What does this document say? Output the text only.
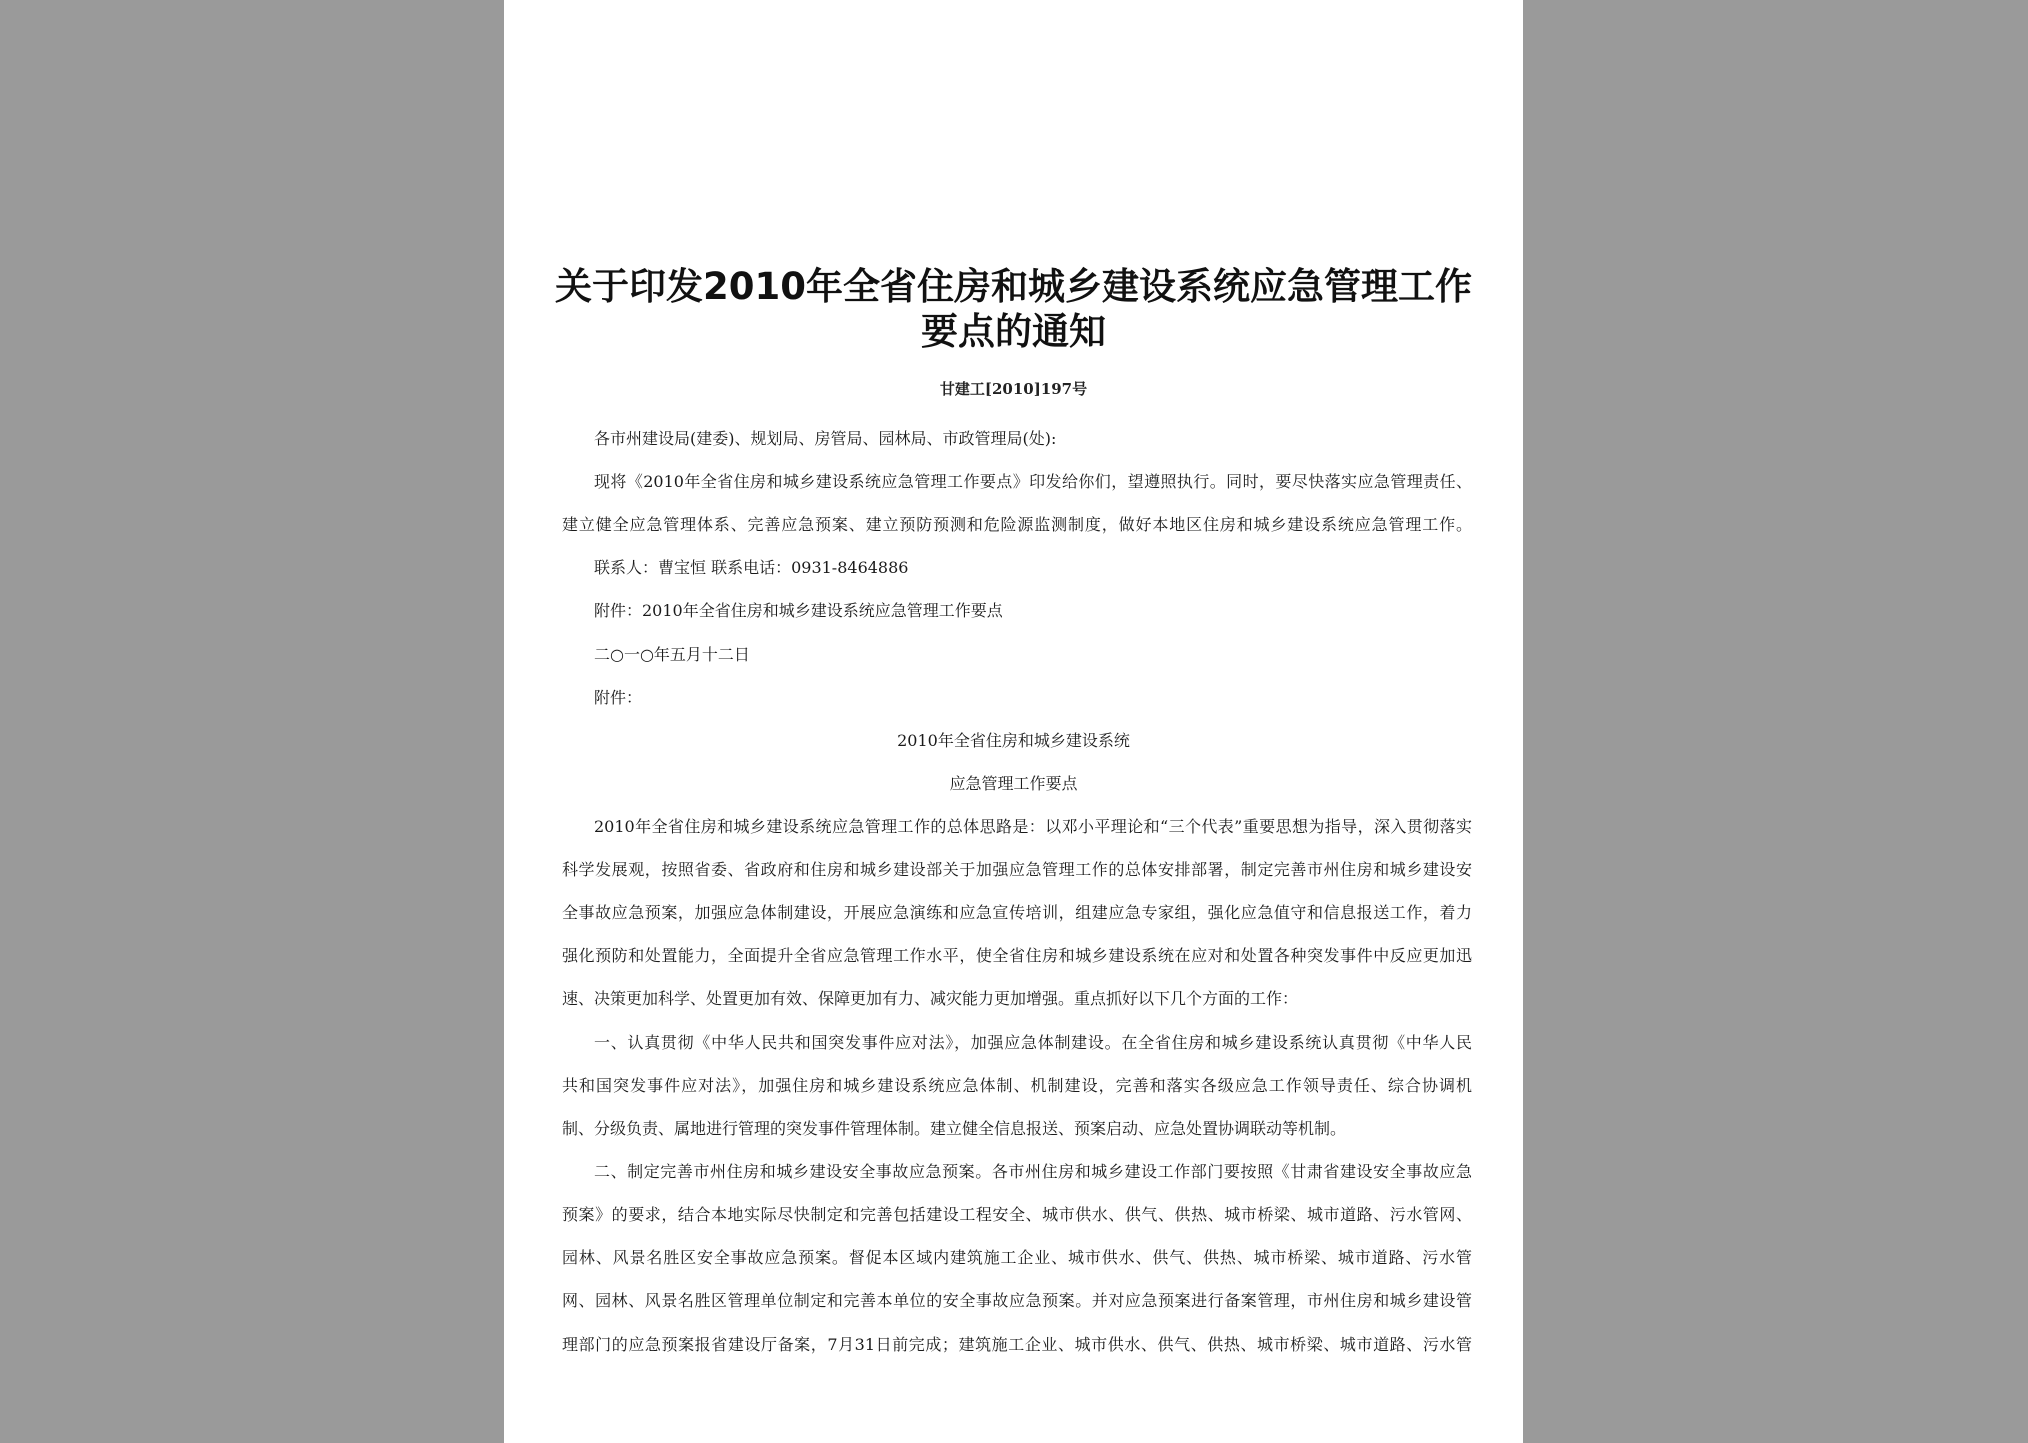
关于印发2010年全省住房和城乡建设系统应急管理工作
要点的通知
甘建工[2010]197号
各市州建设局(建委)、规划局、房管局、园林局、市政管理局(处):
现将《2010年全省住房和城乡建设系统应急管理工作要点》印发给你们，望遵照执行。同时，要尽快落实应急管理责任、
建立健全应急管理体系、完善应急预案、建立预防预测和危险源监测制度，做好本地区住房和城乡建设系统应急管理工作。
联系人：曹宝恒 联系电话：0931-8464886
附件：2010年全省住房和城乡建设系统应急管理工作要点
二○一○年五月十二日
附件：
2010年全省住房和城乡建设系统
应急管理工作要点
2010年全省住房和城乡建设系统应急管理工作的总体思路是：以邓小平理论和“三个代表”重要思想为指导，深入贯彻落实
科学发展观，按照省委、省政府和住房和城乡建设部关于加强应急管理工作的总体安排部署，制定完善市州住房和城乡建设安
全事故应急预案，加强应急体制建设，开展应急演练和应急宣传培训，组建应急专家组，强化应急值守和信息报送工作，着力
强化预防和处置能力，全面提升全省应急管理工作水平，使全省住房和城乡建设系统在应对和处置各种突发事件中反应更加迅
速、决策更加科学、处置更加有效、保障更加有力、减灾能力更加增强。重点抓好以下几个方面的工作：
一、认真贯彻《中华人民共和国突发事件应对法》，加强应急体制建设。在全省住房和城乡建设系统认真贯彻《中华人民
共和国突发事件应对法》，加强住房和城乡建设系统应急体制、机制建设，完善和落实各级应急工作领导责任、综合协调机
制、分级负责、属地进行管理的突发事件管理体制。建立健全信息报送、预案启动、应急处置协调联动等机制。
二、制定完善市州住房和城乡建设安全事故应急预案。各市州住房和城乡建设工作部门要按照《甘肃省建设安全事故应急
预案》的要求，结合本地实际尽快制定和完善包括建设工程安全、城市供水、供气、供热、城市桥梁、城市道路、污水管网、
园林、风景名胜区安全事故应急预案。督促本区域内建筑施工企业、城市供水、供气、供热、城市桥梁、城市道路、污水管
网、园林、风景名胜区管理单位制定和完善本单位的安全事故应急预案。并对应急预案进行备案管理，市州住房和城乡建设管
理部门的应急预案报省建设厅备案，7月31日前完成；建筑施工企业、城市供水、供气、供热、城市桥梁、城市道路、污水管
